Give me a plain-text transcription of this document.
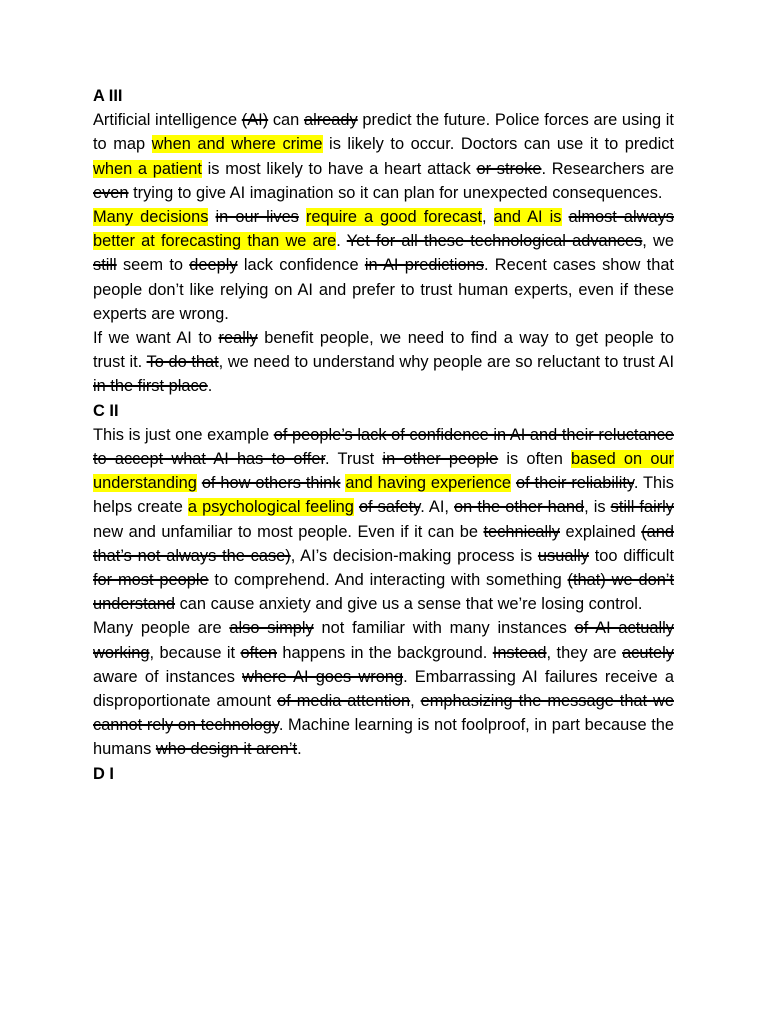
A III
Artificial intelligence (AI) can already predict the future. Police forces are using it to map when and where crime is likely to occur. Doctors can use it to predict when a patient is most likely to have a heart attack or stroke. Researchers are even trying to give AI imagination so it can plan for unexpected consequences.
Many decisions in our lives require a good forecast, and AI is almost always better at forecasting than we are. Yet for all these technological advances, we still seem to deeply lack confidence in AI predictions. Recent cases show that people don’t like relying on AI and prefer to trust human experts, even if these experts are wrong.
If we want AI to really benefit people, we need to find a way to get people to trust it. To do that, we need to understand why people are so reluctant to trust AI in the first place.
C II
This is just one example of people’s lack of confidence in AI and their reluctance to accept what AI has to offer. Trust in other people is often based on our understanding of how others think and having experience of their reliability. This helps create a psychological feeling of safety. AI, on the other hand, is still fairly new and unfamiliar to most people. Even if it can be technically explained (and that’s not always the case), AI’s decision-making process is usually too difficult for most people to comprehend. And interacting with something (that) we don’t understand can cause anxiety and give us a sense that we’re losing control.
Many people are also simply not familiar with many instances of AI actually working, because it often happens in the background. Instead, they are acutely aware of instances where AI goes wrong. Embarrassing AI failures receive a disproportionate amount of media attention, emphasizing the message that we cannot rely on technology. Machine learning is not foolproof, in part because the humans who design it aren’t.
D I
